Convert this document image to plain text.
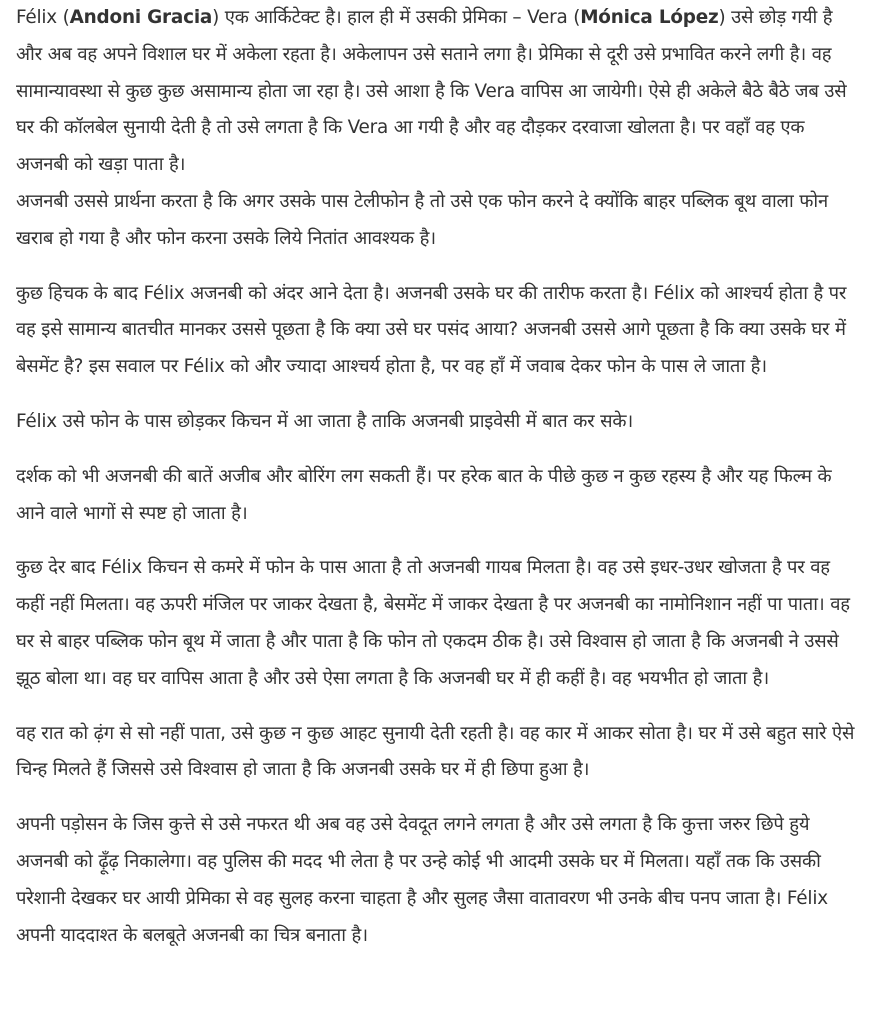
Félix (Andoni Gracia) एक आर्किटेक्ट है। हाल ही में उसकी प्रेमिका – Vera (Mónica López) उसे छोड़ गयी है और अब वह अपने विशाल घर में अकेला रहता है। अकेलापन उसे सताने लगा है। प्रेमिका से दूरी उसे प्रभावित करने लगी है। वह सामान्यावस्था से कुछ कुछ असामान्य होता जा रहा है। उसे आशा है कि Vera वापिस आ जायेगी। ऐसे ही अकेले बैठे बैठे जब उसे घर की कॉलबेल सुनायी देती है तो उसे लगता है कि Vera आ गयी है और वह दौड़कर दरवाजा खोलता है। पर वहाँ वह एक अजनबी को खड़ा पाता है।

अजनबी उससे प्रार्थना करता है कि अगर उसके पास टेलीफोन है तो उसे एक फोन करने दे क्योंकि बाहर पब्लिक बूथ वाला फोन खराब हो गया है और फोन करना उसके लिये नितांत आवश्यक है।

कुछ हिचक के बाद Félix अजनबी को अंदर आने देता है। अजनबी उसके घर की तारीफ करता है। Félix को आश्चर्य होता है पर वह इसे सामान्य बातचीत मानकर उससे पूछता है कि क्या उसे घर पसंद आया? अजनबी उससे आगे पूछता है कि क्या उसके घर में बेसमेंट है? इस सवाल पर Félix को और ज्यादा आश्चर्य होता है, पर वह हाँ में जवाब देकर फोन के पास ले जाता है।

Félix उसे फोन के पास छोड़कर किचन में आ जाता है ताकि अजनबी प्राइवेसी में बात कर सके।

दर्शक को भी अजनबी की बातें अजीब और बोरिंग लग सकती हैं। पर हरेक बात के पीछे कुछ न कुछ रहस्य है और यह फिल्म के आने वाले भागों से स्पष्ट हो जाता है।

कुछ देर बाद Félix किचन से कमरे में फोन के पास आता है तो अजनबी गायब मिलता है। वह उसे इधर-उधर खोजता है पर वह कहीं नहीं मिलता। वह ऊपरी मंजिल पर जाकर देखता है, बेसमेंट में जाकर देखता है पर अजनबी का नामोनिशान नहीं पा पाता। वह घर से बाहर पब्लिक फोन बूथ में जाता है और पाता है कि फोन तो एकदम ठीक है। उसे विश्वास हो जाता है कि अजनबी ने उससे झूठ बोला था। वह घर वापिस आता है और उसे ऐसा लगता है कि अजनबी घर में ही कहीं है। वह भयभीत हो जाता है।

वह रात को ढ़ंग से सो नहीं पाता, उसे कुछ न कुछ आहट सुनायी देती रहती है। वह कार में आकर सोता है। घर में उसे बहुत सारे ऐसे चिन्ह मिलते हैं जिससे उसे विश्वास हो जाता है कि अजनबी उसके घर में ही छिपा हुआ है।

अपनी पड़ोसन के जिस कुत्ते से उसे नफरत थी अब वह उसे देवदूत लगने लगता है और उसे लगता है कि कुत्ता जरुर छिपे हुये अजनबी को ढ़ूँढ़ निकालेगा। वह पुलिस की मदद भी लेता है पर उन्हे कोई भी आदमी उसके घर में मिलता। यहाँ तक कि उसकी परेशानी देखकर घर आयी प्रेमिका से वह सुलह करना चाहता है और सुलह जैसा वातावरण भी उनके बीच पनप जाता है। Félix अपनी याददाश्त के बलबूते अजनबी का चित्र बनाता है।
